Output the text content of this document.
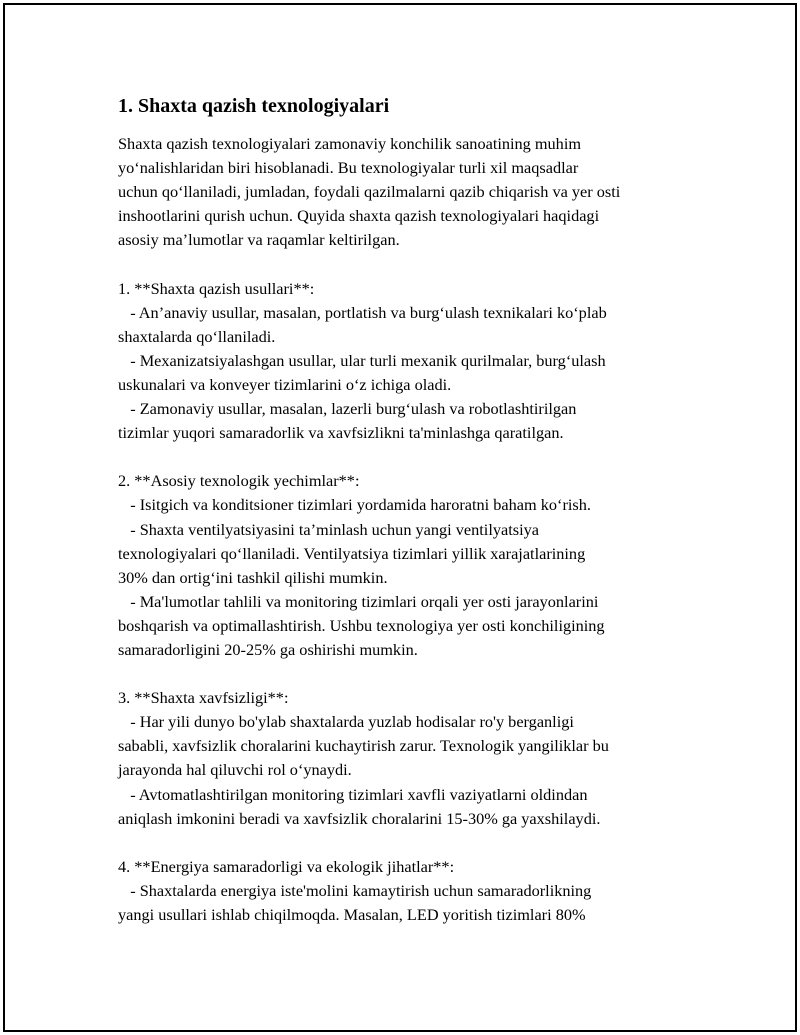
1. Shaxta qazish texnologiyalari
Shaxta qazish texnologiyalari zamonaviy konchilik sanoatining muhim
yo‘nalishlaridan biri hisoblanadi. Bu texnologiyalar turli xil maqsadlar
uchun qo‘llaniladi, jumladan, foydali qazilmalarni qazib chiqarish va yer osti
inshootlarini qurish uchun. Quyida shaxta qazish texnologiyalari haqidagi
asosiy ma’lumotlar va raqamlar keltirilgan.
1. **Shaxta qazish usullari**:
- An’anaviy usullar, masalan, portlatish va burg‘ulash texnikalari ko‘plab
shaxtalarda qo‘llaniladi.
- Mexanizatsiyalashgan usullar, ular turli mexanik qurilmalar, burg‘ulash
uskunalari va konveyer tizimlarini o‘z ichiga oladi.
- Zamonaviy usullar, masalan, lazerli burg‘ulash va robotlashtirilgan
tizimlar yuqori samaradorlik va xavfsizlikni ta'minlashga qaratilgan.
2. **Asosiy texnologik yechimlar**:
- Isitgich va konditsioner tizimlari yordamida haroratni baham ko‘rish.
- Shaxta ventilyatsiyasini ta’minlash uchun yangi ventilyatsiya
texnologiyalari qo‘llaniladi. Ventilyatsiya tizimlari yillik xarajatlarining
30% dan ortig‘ini tashkil qilishi mumkin.
- Ma'lumotlar tahlili va monitoring tizimlari orqali yer osti jarayonlarini
boshqarish va optimallashtirish. Ushbu texnologiya yer osti konchiligining
samaradorligini 20-25% ga oshirishi mumkin.
3. **Shaxta xavfsizligi**:
- Har yili dunyo bo'ylab shaxtalarda yuzlab hodisalar ro'y berganligi
sababli, xavfsizlik choralarini kuchaytirish zarur. Texnologik yangiliklar bu
jarayonda hal qiluvchi rol o‘ynaydi.
- Avtomatlashtirilgan monitoring tizimlari xavfli vaziyatlarni oldindan
aniqlash imkonini beradi va xavfsizlik choralarini 15-30% ga yaxshilaydi.
4. **Energiya samaradorligi va ekologik jihatlar**:
- Shaxtalarda energiya iste'molini kamaytirish uchun samaradorlikning
yangi usullari ishlab chiqilmoqda. Masalan, LED yoritish tizimlari 80%
